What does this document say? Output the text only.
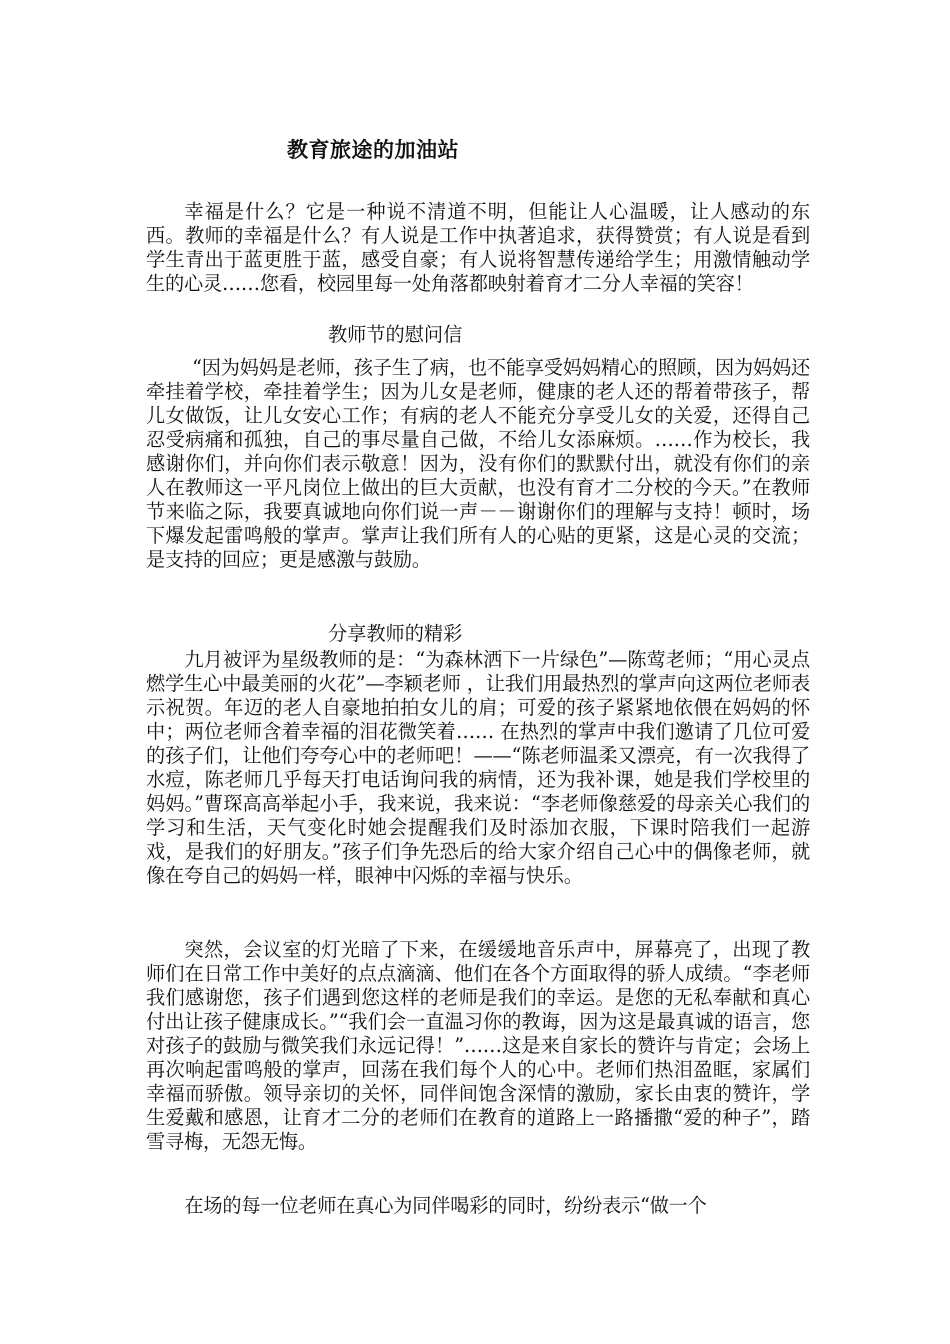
教育旅途的加油站
幸福是什么？它是一种说不清道不明，但能让人心温暖，让人感动的东西。教师的幸福是什么？有人说是工作中执著追求，获得赞赏；有人说是看到学生青出于蓝更胜于蓝，感受自豪；有人说将智慧传递给学生；用激情触动学生的心灵……您看，校园里每一处角落都映射着育才二分人幸福的笑容！
教师节的慰问信
“因为妈妈是老师，孩子生了病，也不能享受妈妈精心的照顾，因为妈妈还牵挂着学校，牵挂着学生；因为儿女是老师，健康的老人还的帮着带孩子，帮儿女做饭，让儿女安心工作；有病的老人不能充分享受儿女的关爱，还得自己忍受病痛和孤独，自己的事尽量自己做，不给儿女添麻烦。……作为校长，我感谢你们，并向你们表示敬意！因为，没有你们的默默付出，就没有你们的亲人在教师这一平凡岗位上做出的巨大贡献，也没有育才二分校的今天。”在教师节来临之际，我要真诚地向你们说一声－－谢谢你们的理解与支持！顿时，场下爆发起雷鸣般的掌声。掌声让我们所有人的心贴的更紧，这是心灵的交流；是支持的回应；更是感激与鼓励。
分享教师的精彩
九月被评为星级教师的是：“为森林洒下一片绿色”—陈莺老师；“用心灵点燃学生心中最美丽的火花”—李颖老师 ，让我们用最热烈的掌声向这两位老师表示祝贺。年迈的老人自豪地拍拍女儿的肩；可爱的孩子紧紧地依偎在妈妈的怀中；两位老师含着幸福的泪花微笑着…… 在热烈的掌声中我们邀请了几位可爱的孩子们，让他们夸夸心中的老师吧！——“陈老师温柔又漂亮，有一次我得了水痘，陈老师几乎每天打电话询问我的病情，还为我补课，她是我们学校里的妈妈。”曹琛高高举起小手，我来说，我来说：“李老师像慈爱的母亲关心我们的学习和生活，天气变化时她会提醒我们及时添加衣服，下课时陪我们一起游戏，是我们的好朋友。”孩子们争先恐后的给大家介绍自己心中的偶像老师，就像在夸自己的妈妈一样，眼神中闪烁的幸福与快乐。
突然，会议室的灯光暗了下来，在缓缓地音乐声中，屏幕亮了，出现了教师们在日常工作中美好的点点滴滴、他们在各个方面取得的骄人成绩。“李老师我们感谢您，孩子们遇到您这样的老师是我们的幸运。是您的无私奉献和真心付出让孩子健康成长。”“我们会一直温习你的教诲，因为这是最真诚的语言，您对孩子的鼓励与微笑我们永远记得！”……这是来自家长的赞许与肯定；会场上再次响起雷鸣般的掌声，回荡在我们每个人的心中。老师们热泪盈眶，家属们幸福而骄傲。领导亲切的关怀，同伴间饱含深情的激励，家长由衷的赞许，学生爱戴和感恩，让育才二分的老师们在教育的道路上一路播撒“爱的种子”，踏雪寻梅，无怨无悔。
在场的每一位老师在真心为同伴喝彩的同时，纷纷表示“做一个
